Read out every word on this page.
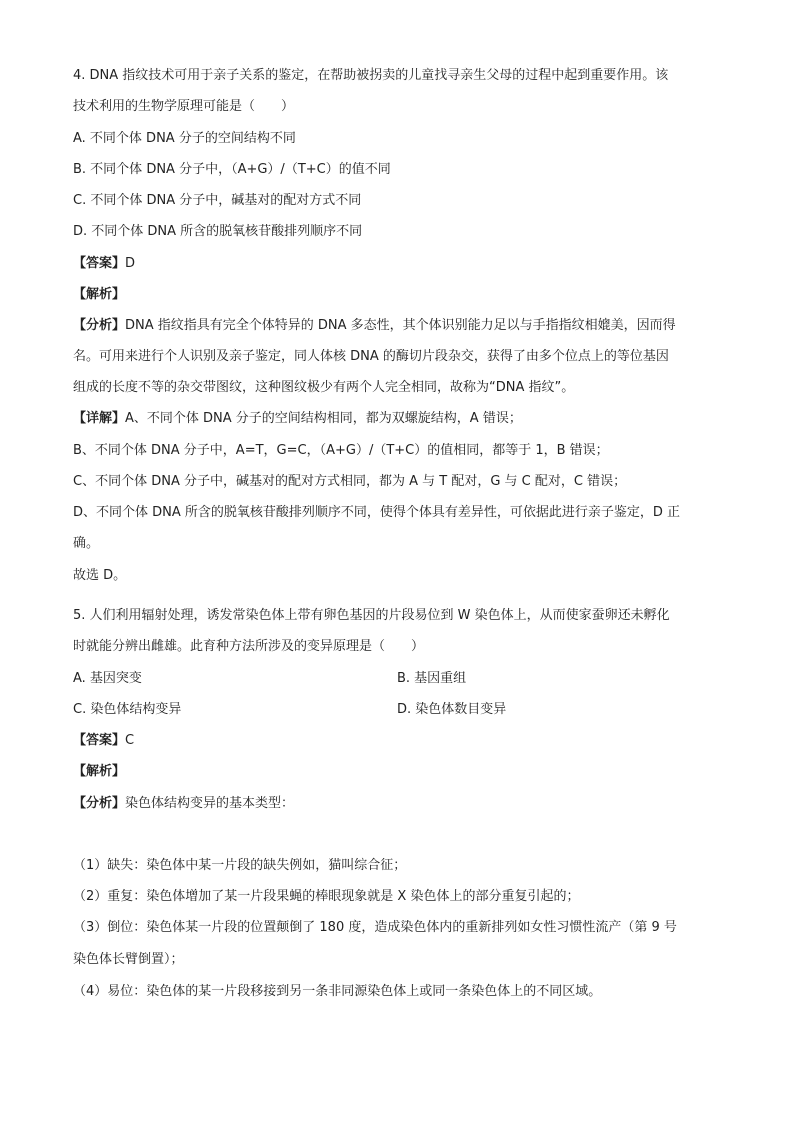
4. DNA 指纹技术可用于亲子关系的鉴定，在帮助被拐卖的儿童找寻亲生父母的过程中起到重要作用。该
技术利用的生物学原理可能是（　　）
A. 不同个体 DNA 分子的空间结构不同
B. 不同个体 DNA 分子中，（A+G）/（T+C）的值不同
C. 不同个体 DNA 分子中，碱基对的配对方式不同
D. 不同个体 DNA 所含的脱氧核苷酸排列顺序不同
【答案】D
【解析】
【分析】DNA 指纹指具有完全个体特异的 DNA 多态性，其个体识别能力足以与手指指纹相媲美，因而得
名。可用来进行个人识别及亲子鉴定，同人体核 DNA 的酶切片段杂交，获得了由多个位点上的等位基因
组成的长度不等的杂交带图纹，这种图纹极少有两个人完全相同，故称为“DNA 指纹”。
【详解】A、不同个体 DNA 分子的空间结构相同，都为双螺旋结构，A 错误；
B、不同个体 DNA 分子中，A=T，G=C，（A+G）/（T+C）的值相同，都等于 1，B 错误；
C、不同个体 DNA 分子中，碱基对的配对方式相同，都为 A 与 T 配对，G 与 C 配对，C 错误；
D、不同个体 DNA 所含的脱氧核苷酸排列顺序不同，使得个体具有差异性，可依据此进行亲子鉴定，D 正
确。
故选 D。
5. 人们利用辐射处理，诱发常染色体上带有卵色基因的片段易位到 W 染色体上，从而使家蚕卵还未孵化
时就能分辨出雌雄。此育种方法所涉及的变异原理是（　　）
A. 基因突变	B. 基因重组
C. 染色体结构变异	D. 染色体数目变异
【答案】C
【解析】
【分析】染色体结构变异的基本类型：
（1）缺失：染色体中某一片段的缺失例如，猫叫综合征；
（2）重复：染色体增加了某一片段果蝇的棒眼现象就是 X 染色体上的部分重复引起的；
（3）倒位：染色体某一片段的位置颠倒了 180 度，造成染色体内的重新排列如女性习惯性流产（第 9 号
染色体长臂倒置）；
（4）易位：染色体的某一片段移接到另一条非同源染色体上或同一条染色体上的不同区域。
